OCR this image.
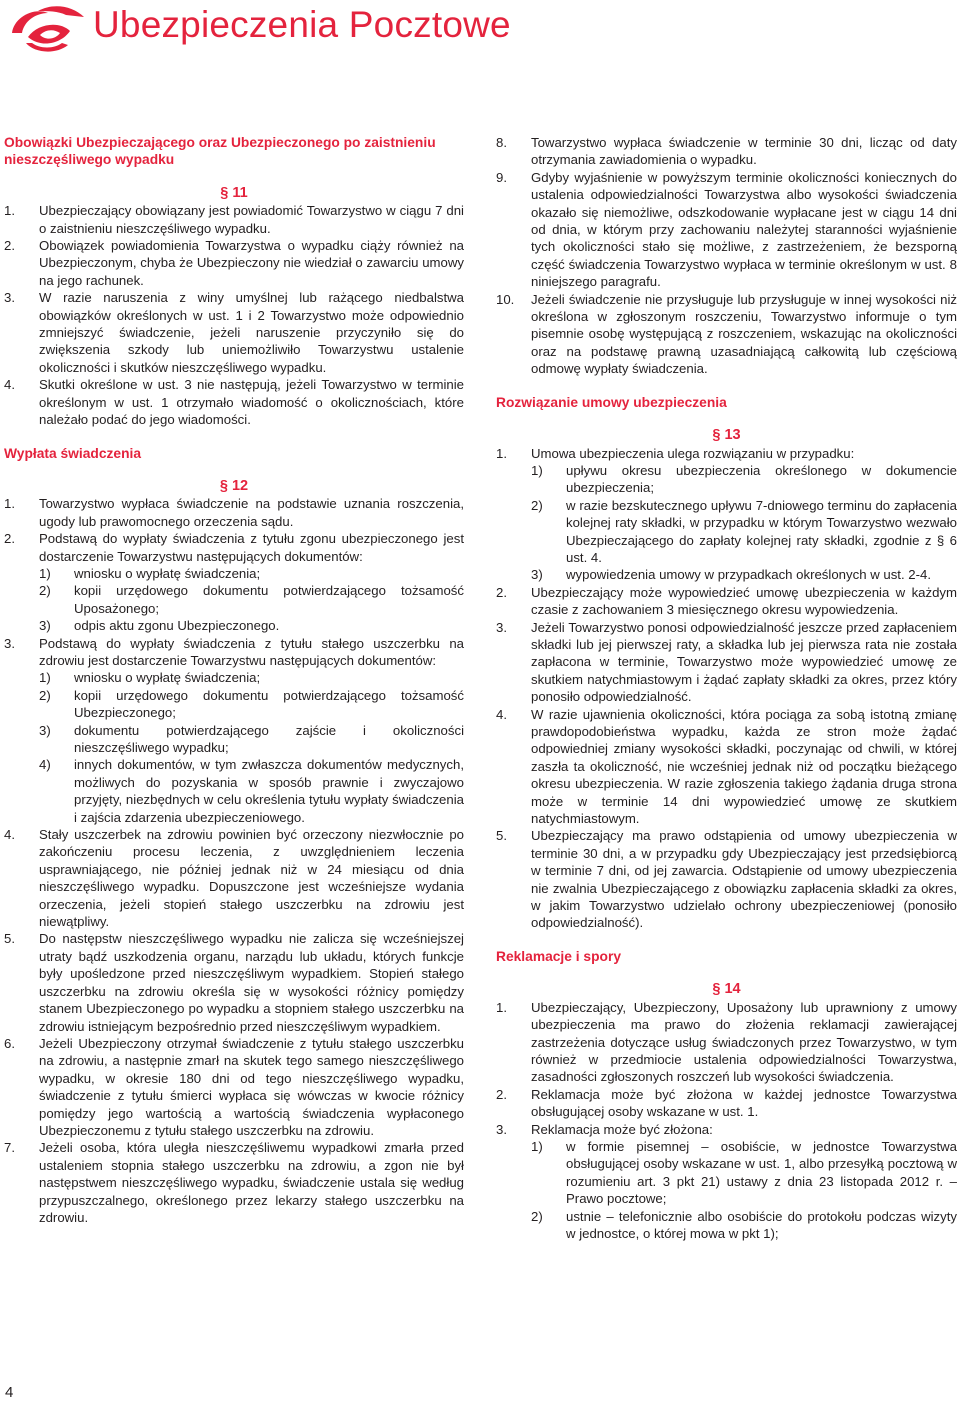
Ubezpieczenia Pocztowe

Obowiązki Ubezpieczającego oraz Ubezpieczonego po zaistnieniu nieszczęśliwego wypadku

§ 11

1. Ubezpieczający obowiązany jest powiadomić Towarzystwo w ciągu 7 dni o zaistnieniu nieszczęśliwego wypadku.
2. Obowiązek powiadomienia Towarzystwa o wypadku ciąży również na Ubezpieczonym, chyba że Ubezpieczony nie wiedział o zawarciu umowy na jego rachunek.
3. W razie naruszenia z winy umyślnej lub rażącego niedbalstwa obowiązków określonych w ust. 1 i 2 Towarzystwo może odpowiednio zmniejszyć świadczenie, jeżeli naruszenie przyczyniło się do zwiększenia szkody lub uniemożliwiło Towarzystwu ustalenie okoliczności i skutków nieszczęśliwego wypadku.
4. Skutki określone w ust. 3 nie następują, jeżeli Towarzystwo w terminie określonym w ust. 1 otrzymało wiadomość o okolicznościach, które należało podać do jego wiadomości.

Wypłata świadczenia

§ 12

1. Towarzystwo wypłaca świadczenie na podstawie uznania roszczenia, ugody lub prawomocnego orzeczenia sądu.
2. Podstawą do wypłaty świadczenia z tytułu zgonu ubezpieczonego jest dostarczenie Towarzystwu następujących dokumentów:
1) wniosku o wypłatę świadczenia;
2) kopii urzędowego dokumentu potwierdzającego tożsamość Uposażonego;
3) odpis aktu zgonu Ubezpieczonego.
3. Podstawą do wypłaty świadczenia z tytułu stałego uszczerbku na zdrowiu jest dostarczenie Towarzystwu następujących dokumentów:
1) wniosku o wypłatę świadczenia;
2) kopii urzędowego dokumentu potwierdzającego tożsamość Ubezpieczonego;
3) dokumentu potwierdzającego zajście i okoliczności nieszczęśliwego wypadku;
4) innych dokumentów, w tym zwłaszcza dokumentów medycznych, możliwych do pozyskania w sposób prawnie i zwyczajowo przyjęty, niezbędnych w celu określenia tytułu wypłaty świadczenia i zajścia zdarzenia ubezpieczeniowego.
4. Stały uszczerbek na zdrowiu powinien być orzeczony niezwłocznie po zakończeniu procesu leczenia, z uwzględnieniem leczenia usprawniającego, nie później jednak niż w 24 miesiącu od dnia nieszczęśliwego wypadku. Dopuszczone jest wcześniejsze wydania orzeczenia, jeżeli stopień stałego uszczerbku na zdrowiu jest niewątpliwy.
5. Do następstw nieszczęśliwego wypadku nie zalicza się wcześniejszej utraty bądź uszkodzenia organu, narządu lub układu, których funkcje były upośledzone przed nieszczęśliwym wypadkiem. Stopień stałego uszczerbku na zdrowiu określa się w wysokości różnicy pomiędzy stanem Ubezpieczonego po wypadku a stopniem stałego uszczerbku na zdrowiu istniejącym bezpośrednio przed nieszczęśliwym wypadkiem.
6. Jeżeli Ubezpieczony otrzymał świadczenie z tytułu stałego uszczerbku na zdrowiu, a następnie zmarł na skutek tego samego nieszczęśliwego wypadku, w okresie 180 dni od tego nieszczęśliwego wypadku, świadczenie z tytułu śmierci wypłaca się wówczas w kwocie różnicy pomiędzy jego wartością a wartością świadczenia wypłaconego Ubezpieczonemu z tytułu stałego uszczerbku na zdrowiu.
7. Jeżeli osoba, która uległa nieszczęśliwemu wypadkowi zmarła przed ustaleniem stopnia stałego uszczerbku na zdrowiu, a zgon nie był następstwem nieszczęśliwego wypadku, świadczenie ustala się według przypuszczalnego, określonego przez lekarzy stałego uszczerbku na zdrowiu.
8. Towarzystwo wypłaca świadczenie w terminie 30 dni, licząc od daty otrzymania zawiadomienia o wypadku.
9. Gdyby wyjaśnienie w powyższym terminie okoliczności koniecznych do ustalenia odpowiedzialności Towarzystwa albo wysokości świadczenia okazało się niemożliwe, odszkodowanie wypłacane jest w ciągu 14 dni od dnia, w którym przy zachowaniu należytej staranności wyjaśnienie tych okoliczności stało się możliwe, z zastrzeżeniem, że bezsporną część świadczenia Towarzystwo wypłaca w terminie określonym w ust. 8 niniejszego paragrafu.
10. Jeżeli świadczenie nie przysługuje lub przysługuje w innej wysokości niż określona w zgłoszonym roszczeniu, Towarzystwo informuje o tym pisemnie osobę występującą z roszczeniem, wskazując na okoliczności oraz na podstawę prawną uzasadniającą całkowitą lub częściową odmowę wypłaty świadczenia.

Rozwiązanie umowy ubezpieczenia

§ 13

1. Umowa ubezpieczenia ulega rozwiązaniu w przypadku:
1) upływu okresu ubezpieczenia określonego w dokumencie ubezpieczenia;
2) w razie bezskutecznego upływu 7-dniowego terminu do zapłacenia kolejnej raty składki, w przypadku w którym Towarzystwo wezwało Ubezpieczającego do zapłaty kolejnej raty składki, zgodnie z § 6 ust. 4.
3) wypowiedzenia umowy w przypadkach określonych w ust. 2-4.
2. Ubezpieczający może wypowiedzieć umowę ubezpieczenia w każdym czasie z zachowaniem 3 miesięcznego okresu wypowiedzenia.
3. Jeżeli Towarzystwo ponosi odpowiedzialność jeszcze przed zapłaceniem składki lub jej pierwszej raty, a składka lub jej pierwsza rata nie została zapłacona w terminie, Towarzystwo może wypowiedzieć umowę ze skutkiem natychmiastowym i żądać zapłaty składki za okres, przez który ponosiło odpowiedzialność.
4. W razie ujawnienia okoliczności, która pociąga za sobą istotną zmianę prawdopodobieństwa wypadku, każda ze stron może żądać odpowiedniej zmiany wysokości składki, poczynając od chwili, w której zaszła ta okoliczność, nie wcześniej jednak niż od początku bieżącego okresu ubezpieczenia. W razie zgłoszenia takiego żądania druga strona może w terminie 14 dni wypowiedzieć umowę ze skutkiem natychmiastowym.
5. Ubezpieczający ma prawo odstąpienia od umowy ubezpieczenia w terminie 30 dni, a w przypadku gdy Ubezpieczający jest przedsiębiorcą w terminie 7 dni, od jej zawarcia. Odstąpienie od umowy ubezpieczenia nie zwalnia Ubezpieczającego z obowiązku zapłacenia składki za okres, w jakim Towarzystwo udzielało ochrony ubezpieczeniowej (ponosiło odpowiedzialność).

Reklamacje i spory

§ 14

1. Ubezpieczający, Ubezpieczony, Uposażony lub uprawniony z umowy ubezpieczenia ma prawo do złożenia reklamacji zawierającej zastrzeżenia dotyczące usług świadczonych przez Towarzystwo, w tym również w przedmiocie ustalenia odpowiedzialności Towarzystwa, zasadności zgłoszonych roszczeń lub wysokości świadczenia.
2. Reklamacja może być złożona w każdej jednostce Towarzystwa obsługującej osoby wskazane w ust. 1.
3. Reklamacja może być złożona:
1) w formie pisemnej – osobiście, w jednostce Towarzystwa obsługującej osoby wskazane w ust. 1, albo przesyłką pocztową w rozumieniu art. 3 pkt 21) ustawy z dnia 23 listopada 2012 r. – Prawo pocztowe;
2) ustnie – telefonicznie albo osobiście do protokołu podczas wizyty w jednostce, o której mowa w pkt 1);
4
